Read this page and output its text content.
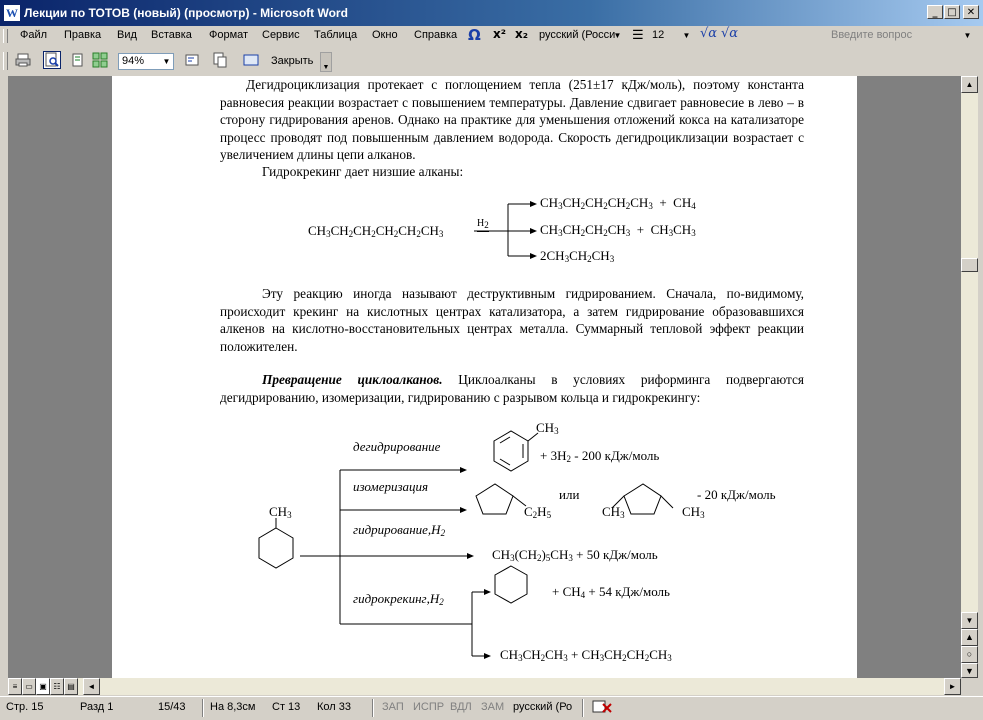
W Лекции по ТОТОВ (новый) (просмотр) - Microsoft Word	_ □	✕
Файл Правка Вид Вставка Формат Сервис Таблица Окно Справка Ω x² x₂	русский (Росси
▼ ☰ 12	▼ √α √α	Введите вопрос	▼
94%	▼	Закрыть
▼
Дегидроциклизация протекает с поглощением тепла (251±17 кДж/моль), поэтому константа равновесия реакции возрастает с повышением температуры. Давление сдвигает равновесие в лево – в сторону гидрирования аренов. Однако на практике для уменьшения отложений кокса на катализаторе процесс проводят под повышенным давлением водорода. Скорость дегидроциклизации возрастает с увеличением длины цепи алканов.
Гидрокрекинг дает низшие алканы:
$CH_3CH_2CH_2CH_2CH_2CH_3$
$H_2$
$CH_3CH_2CH_2CH_2CH_3 + CH_4$
$CH_3CH_2CH_2CH_3 + CH_3CH_3$
$2CH_3CH_2CH_3$
Эту реакцию иногда называют деструктивным гидрированием. Сначала, по-видимому, происходит крекинг на кислотных центрах катализатора, а затем гидрирование образовавшихся алкенов на кислотно-восстановительных центрах металла. Суммарный тепловой эффект реакции положителен.
Превращение циклоалканов. Циклоалканы в условиях риформинга подвергаются дегидрированию, изомеризации, гидрированию с разрывом кольца и гидрокрекингу:
$CH_3$
дегидрирование
$CH_3$
+ $3H_2 - 200$ кДж/моль
изомеризация
$C_2H_5$
или
$CH_3$	$CH_3$
- 20 кДж/моль
$гидрирование,H_2$
$CH_3(CH_2)_5CH_3 + 50$ кДж/моль
$гидрокрекинг,H_2$
+ $CH_4 + 54$ кДж/моль
$CH_3CH_2CH_3 + CH_3CH_2CH_2CH_3$
▲
▼
▲
○
▼
≡ ▭ ▣ ☷ ▤	◄	►
Стр. 15	Разд 1	15/43 На 8,3см Ст 13 Кол 33	ЗАП ИСПР ВДЛ ЗАМ русский (Ро
